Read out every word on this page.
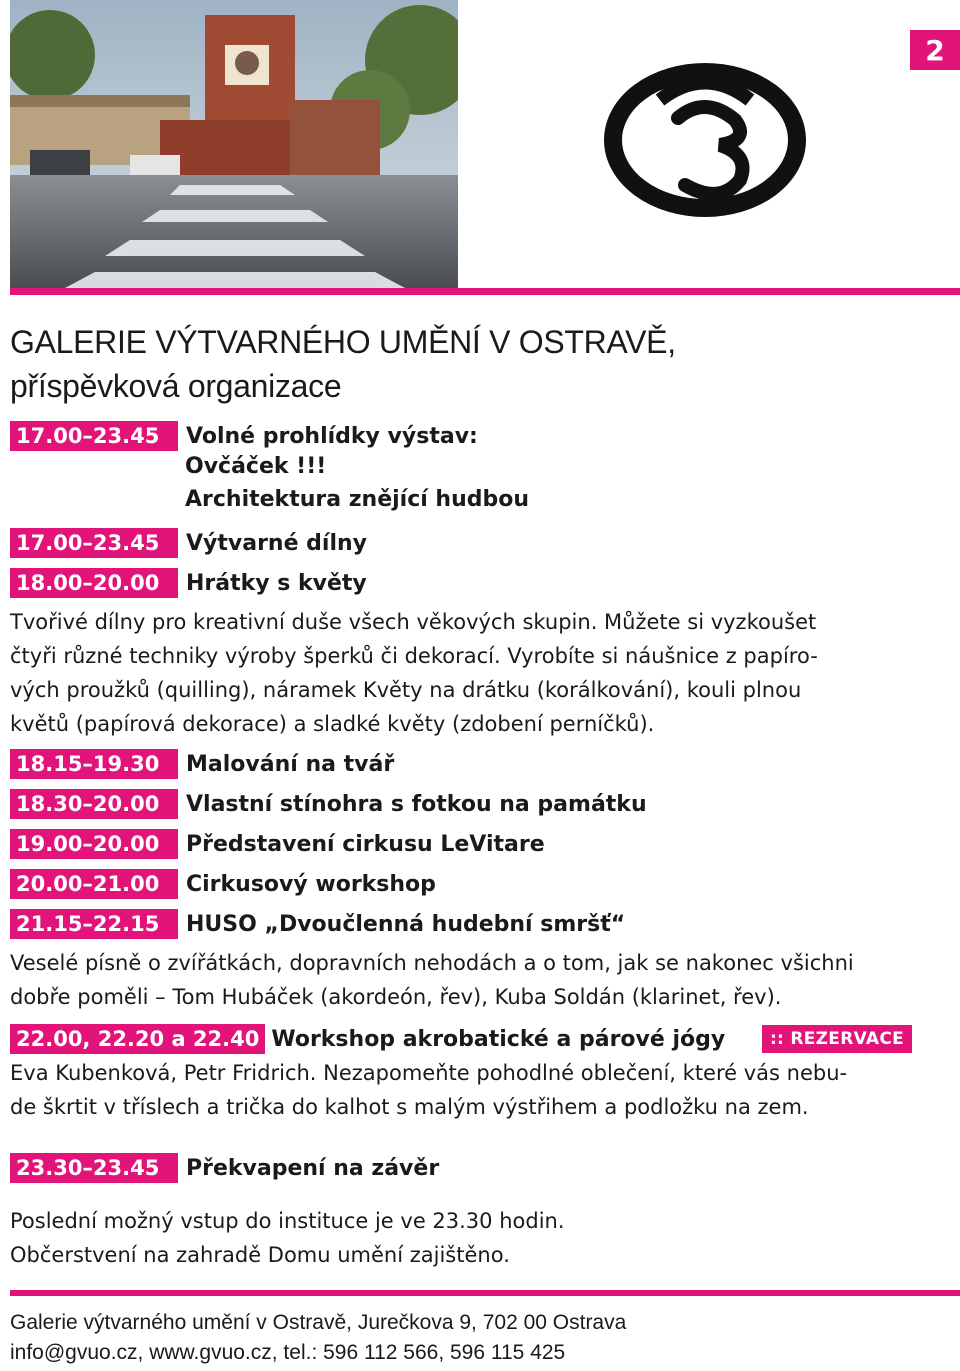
2
GALERIE VÝTVARNÉHO UMĚNÍ V OSTRAVĚ,
příspěvková organizace
17.00–23.45	Volné prohlídky výstav:
Ovčáček !!!
Architektura znějící hudbou
17.00–23.45	Výtvarné dílny
18.00–20.00	Hrátky s květy
Tvořivé dílny pro kreativní duše všech věkových skupin. Můžete si vyzkoušet
čtyři různé techniky výroby šperků či dekorací. Vyrobíte si náušnice z papíro-
vých proužků (quilling), náramek Květy na drátku (korálkování), kouli plnou
květů (papírová dekorace) a sladké květy (zdobení perníčků).
18.15–19.30	Malování na tvář
18.30–20.00	Vlastní stínohra s fotkou na památku
19.00–20.00	Představení cirkusu LeVitare
20.00–21.00	Cirkusový workshop
21.15–22.15	HUSO „Dvoučlenná hudební smršť“
Veselé písně o zvířátkách, dopravních nehodách a o tom, jak se nakonec všichni
dobře poměli – Tom Hubáček (akordeón, řev), Kuba Soldán (klarinet, řev).
22.00, 22.20 a 22.40 Workshop akrobatické a párové jógy	:: REZERVACE
Eva Kubenková, Petr Fridrich. Nezapomeňte pohodlné oblečení, které vás nebu-
de škrtit v tříslech a trička do kalhot s malým výstřihem a podložku na zem.
23.30–23.45	Překvapení na závěr
Poslední možný vstup do instituce je ve 23.30 hodin.
Občerstvení na zahradě Domu umění zajištěno.
Galerie výtvarného umění v Ostravě, Jurečkova 9, 702 00 Ostrava
info@gvuo.cz, www.gvuo.cz, tel.: 596 112 566, 596 115 425
